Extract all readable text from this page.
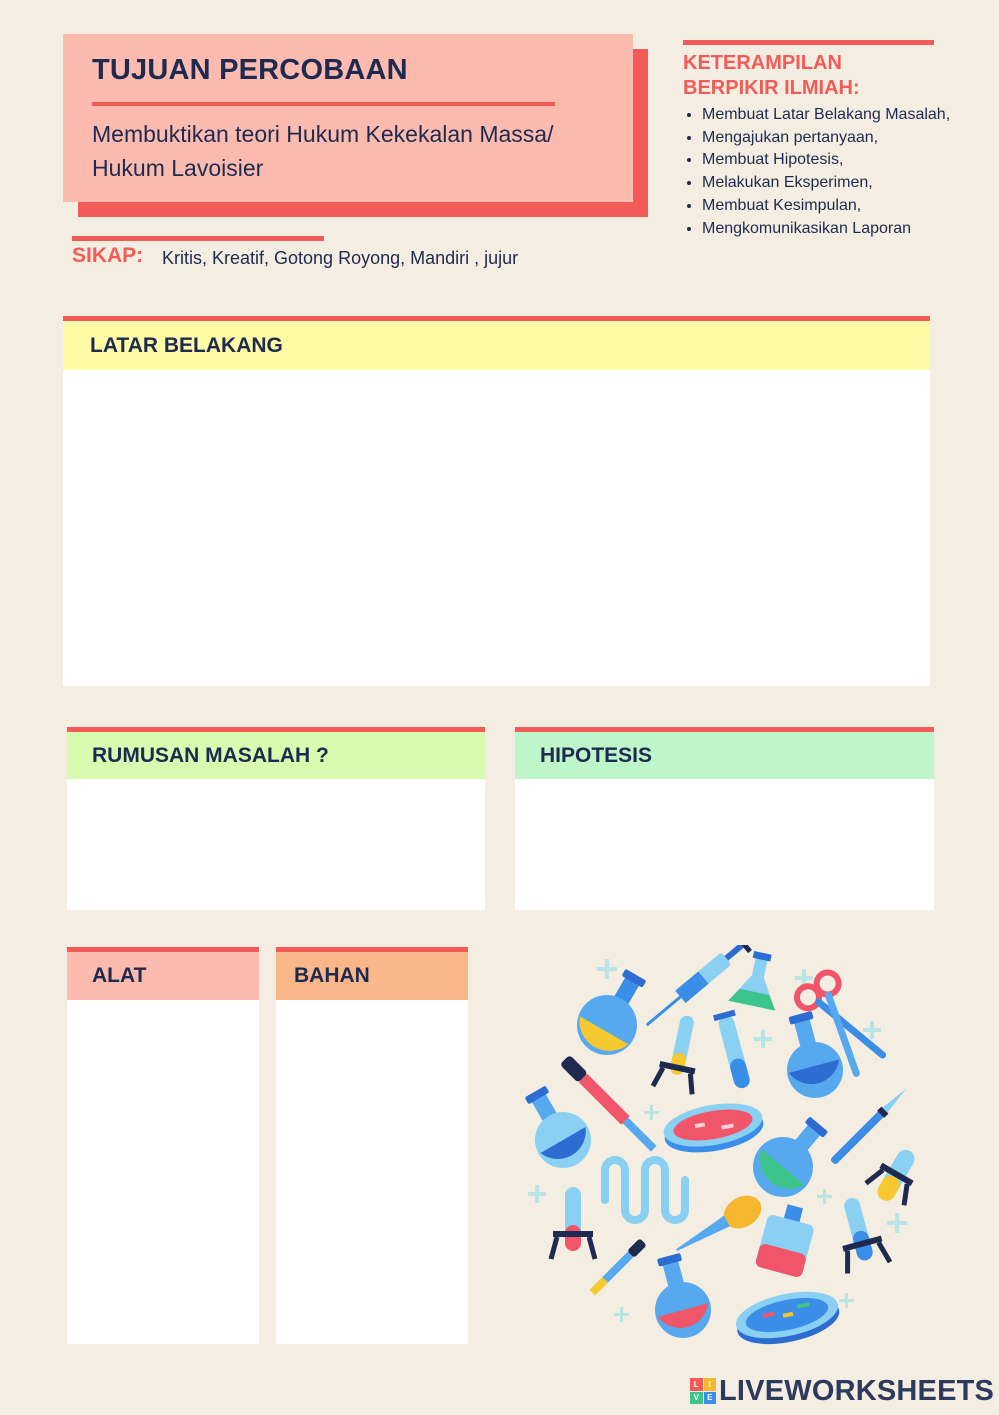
TUJUAN PERCOBAAN
Membuktikan teori Hukum Kekekalan Massa/ Hukum Lavoisier
SIKAP: Kritis, Kreatif, Gotong Royong, Mandiri , jujur
KETERAMPILAN BERPIKIR ILMIAH:
• Membuat Latar Belakang Masalah,
• Mengajukan pertanyaan,
• Membuat Hipotesis,
• Melakukan Eksperimen,
• Membuat Kesimpulan,
• Mengkomunikasikan Laporan
LATAR BELAKANG
RUMUSAN MASALAH ?	HIPOTESIS
ALAT	BAHAN
L	I
V	E LIVEWORKSHEETS
